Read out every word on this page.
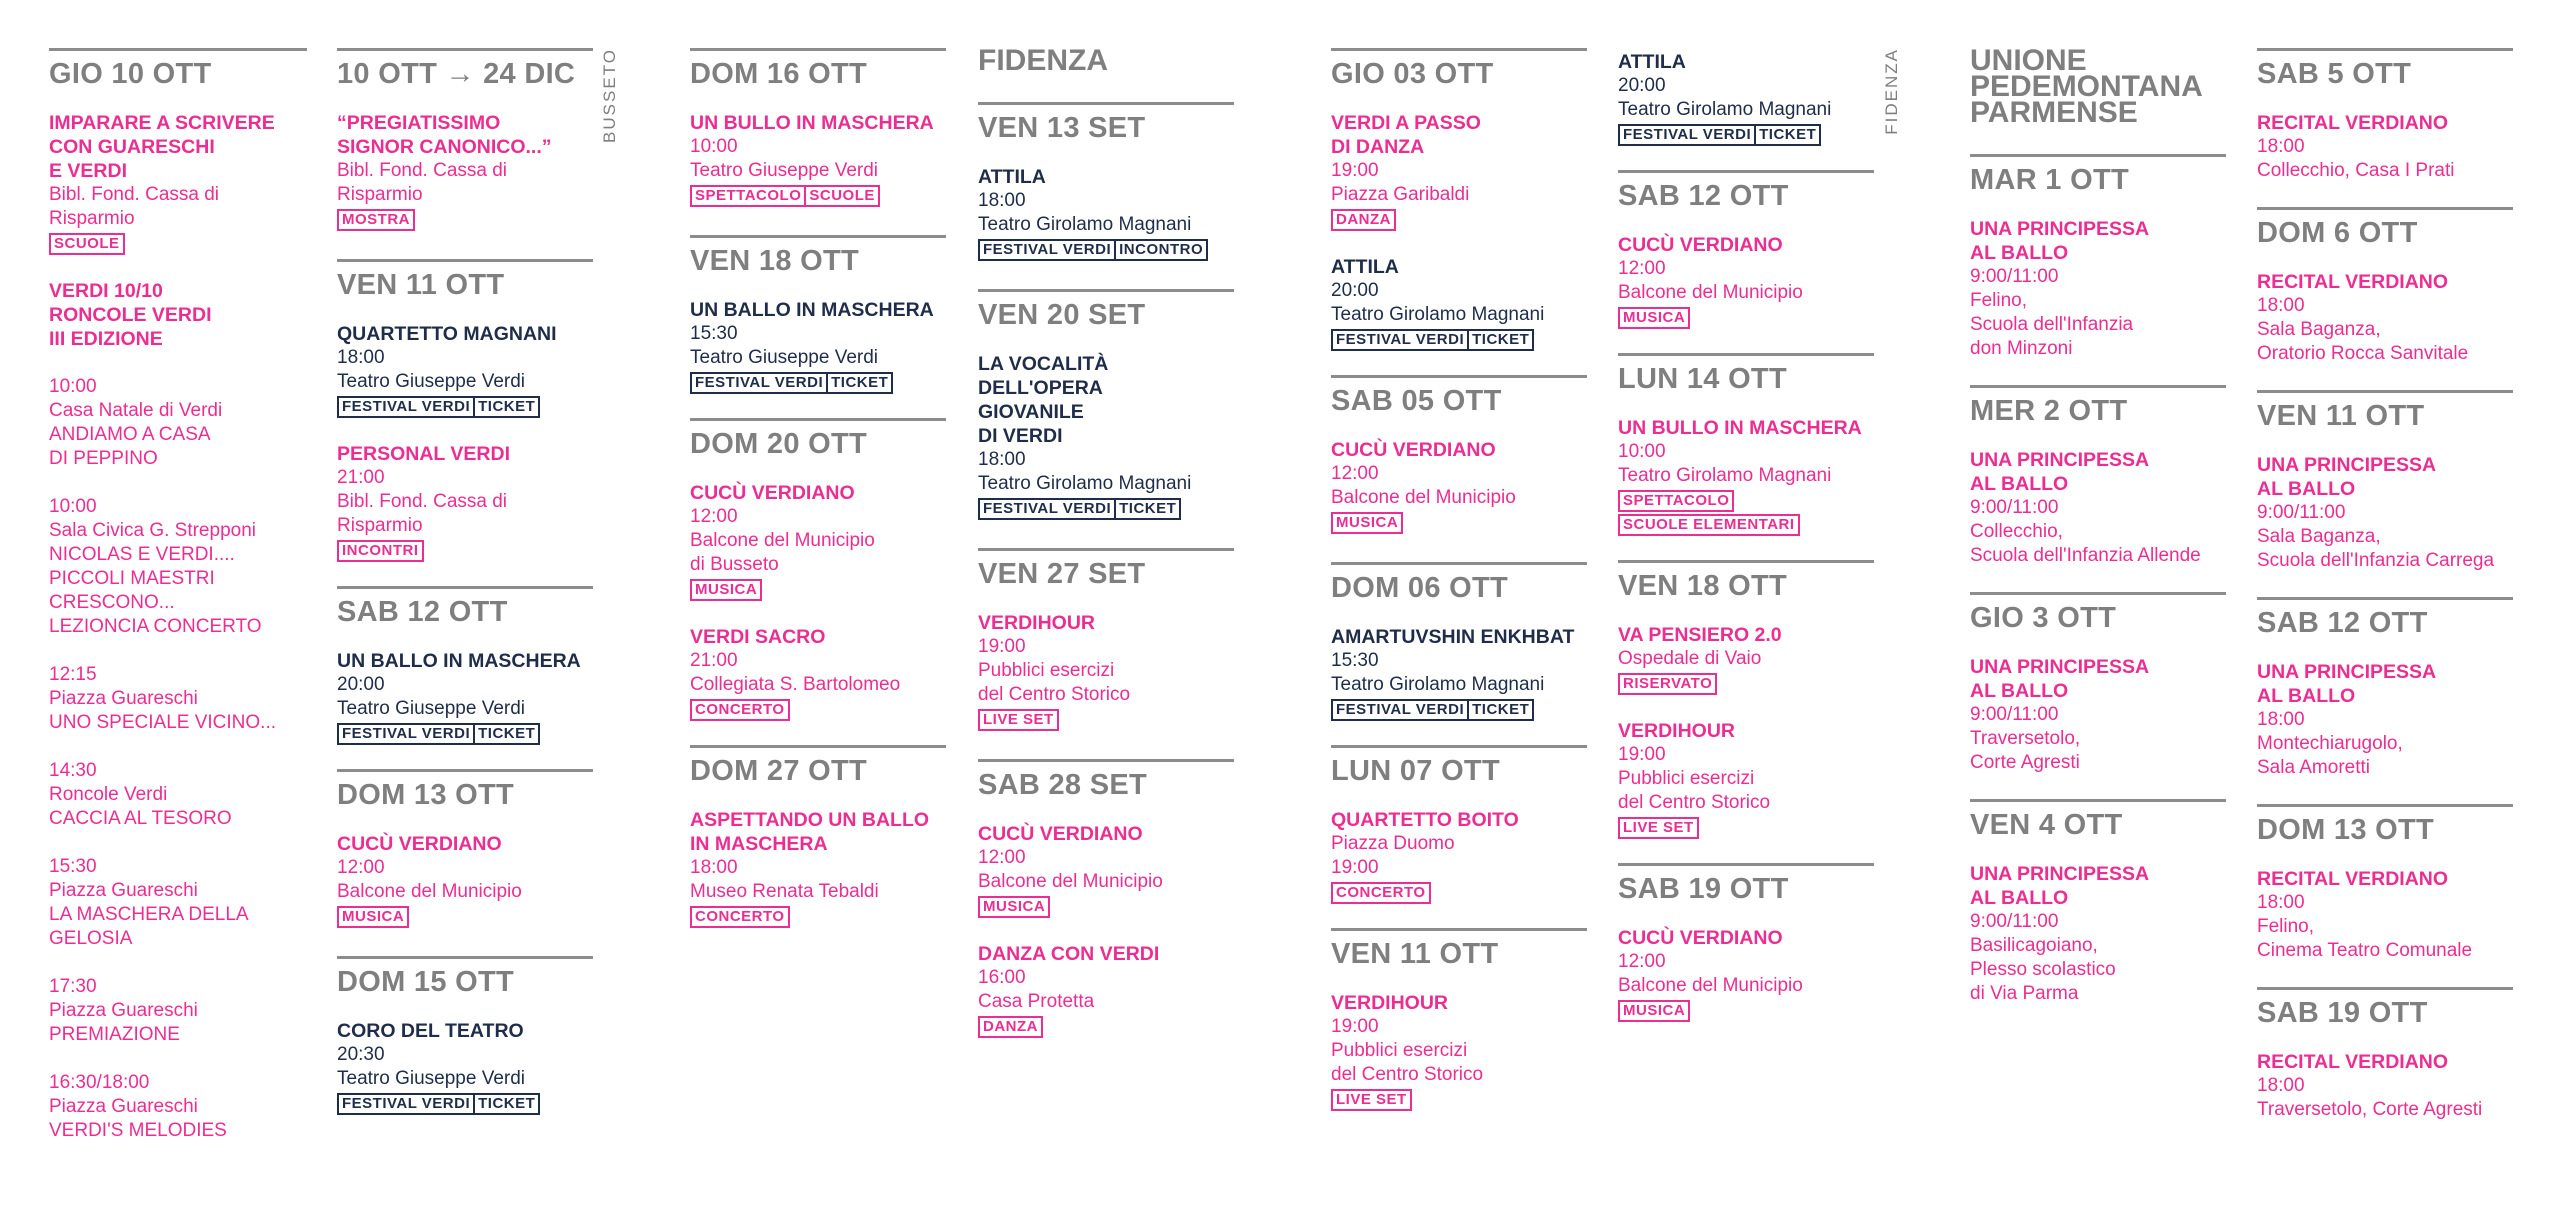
BUSSETO	FIDENZA
GIO 10 OTT
IMPARARE A SCRIVERE
CON GUARESCHI
E VERDI
Bibl. Fond. Cassa di Risparmio
SCUOLE
VERDI 10/10
RONCOLE VERDI
III EDIZIONE
10:00
Casa Natale di Verdi
ANDIAMO A CASA
DI PEPPINO
10:00
Sala Civica G. Strepponi
NICOLAS E VERDI....
PICCOLI MAESTRI
CRESCONO...
LEZIONCIA CONCERTO
12:15
Piazza Guareschi
UNO SPECIALE VICINO...
14:30
Roncole Verdi
CACCIA AL TESORO
15:30
Piazza Guareschi
LA MASCHERA DELLA
GELOSIA
17:30
Piazza Guareschi
PREMIAZIONE
16:30/18:00
Piazza Guareschi
VERDI'S MELODIES
10 OTT → 24 DIC
“PREGIATISSIMO
SIGNOR CANONICO...”
Bibl. Fond. Cassa di Risparmio
MOSTRA
VEN 11 OTT
QUARTETTO MAGNANI
18:00
Teatro Giuseppe Verdi
FESTIVAL VERDI TICKET
PERSONAL VERDI
21:00
Bibl. Fond. Cassa di Risparmio
INCONTRI
SAB 12 OTT
UN BALLO IN MASCHERA
20:00
Teatro Giuseppe Verdi
FESTIVAL VERDI TICKET
DOM 13 OTT
CUCÙ VERDIANO
12:00
Balcone del Municipio
MUSICA
DOM 15 OTT
CORO DEL TEATRO
20:30
Teatro Giuseppe Verdi
FESTIVAL VERDI TICKET
DOM 16 OTT
UN BULLO IN MASCHERA
10:00
Teatro Giuseppe Verdi
SPETTACOLO SCUOLE
VEN 18 OTT
UN BALLO IN MASCHERA
15:30
Teatro Giuseppe Verdi
FESTIVAL VERDI TICKET
DOM 20 OTT
CUCÙ VERDIANO
12:00
Balcone del Municipio
di Busseto
MUSICA
VERDI SACRO
21:00
Collegiata S. Bartolomeo
CONCERTO
DOM 27 OTT
ASPETTANDO UN BALLO
IN MASCHERA
18:00
Museo Renata Tebaldi
CONCERTO
FIDENZA
VEN 13 SET
ATTILA
18:00
Teatro Girolamo Magnani
FESTIVAL VERDI INCONTRO
VEN 20 SET
LA VOCALITÀ
DELL'OPERA
GIOVANILE
DI VERDI
18:00
Teatro Girolamo Magnani
FESTIVAL VERDI TICKET
VEN 27 SET
VERDIHOUR
19:00
Pubblici esercizi
del Centro Storico
LIVE SET
SAB 28 SET
CUCÙ VERDIANO
12:00
Balcone del Municipio
MUSICA
DANZA CON VERDI
16:00
Casa Protetta
DANZA
GIO 03 OTT
VERDI A PASSO
DI DANZA
19:00
Piazza Garibaldi
DANZA
ATTILA
20:00
Teatro Girolamo Magnani
FESTIVAL VERDI TICKET
SAB 05 OTT
CUCÙ VERDIANO
12:00
Balcone del Municipio
MUSICA
DOM 06 OTT
AMARTUVSHIN ENKHBAT
15:30
Teatro Girolamo Magnani
FESTIVAL VERDI TICKET
LUN 07 OTT
QUARTETTO BOITO
Piazza Duomo
19:00
CONCERTO
VEN 11 OTT
VERDIHOUR
19:00
Pubblici esercizi
del Centro Storico
LIVE SET
ATTILA
20:00
Teatro Girolamo Magnani
FESTIVAL VERDI TICKET
SAB 12 OTT
CUCÙ VERDIANO
12:00
Balcone del Municipio
MUSICA
LUN 14 OTT
UN BULLO IN MASCHERA
10:00
Teatro Girolamo Magnani
SPETTACOLO
SCUOLE ELEMENTARI
VEN 18 OTT
VA PENSIERO 2.0
Ospedale di Vaio
RISERVATO
VERDIHOUR
19:00
Pubblici esercizi
del Centro Storico
LIVE SET
SAB 19 OTT
CUCÙ VERDIANO
12:00
Balcone del Municipio
MUSICA
UNIONE PEDEMONTANA PARMENSE
MAR 1 OTT
UNA PRINCIPESSA
AL BALLO
9:00/11:00
Felino,
Scuola dell'Infanzia
don Minzoni
MER 2 OTT
UNA PRINCIPESSA
AL BALLO
9:00/11:00
Collecchio,
Scuola dell'Infanzia Allende
GIO 3 OTT
UNA PRINCIPESSA
AL BALLO
9:00/11:00
Traversetolo,
Corte Agresti
VEN 4 OTT
UNA PRINCIPESSA
AL BALLO
9:00/11:00
Basilicagoiano,
Plesso scolastico
di Via Parma
SAB 5 OTT
RECITAL VERDIANO
18:00
Collecchio, Casa I Prati
DOM 6 OTT
RECITAL VERDIANO
18:00
Sala Baganza,
Oratorio Rocca Sanvitale
VEN 11 OTT
UNA PRINCIPESSA
AL BALLO
9:00/11:00
Sala Baganza,
Scuola dell'Infanzia Carrega
SAB 12 OTT
UNA PRINCIPESSA
AL BALLO
18:00
Montechiarugolo,
Sala Amoretti
DOM 13 OTT
RECITAL VERDIANO
18:00
Felino,
Cinema Teatro Comunale
SAB 19 OTT
RECITAL VERDIANO
18:00
Traversetolo, Corte Agresti
